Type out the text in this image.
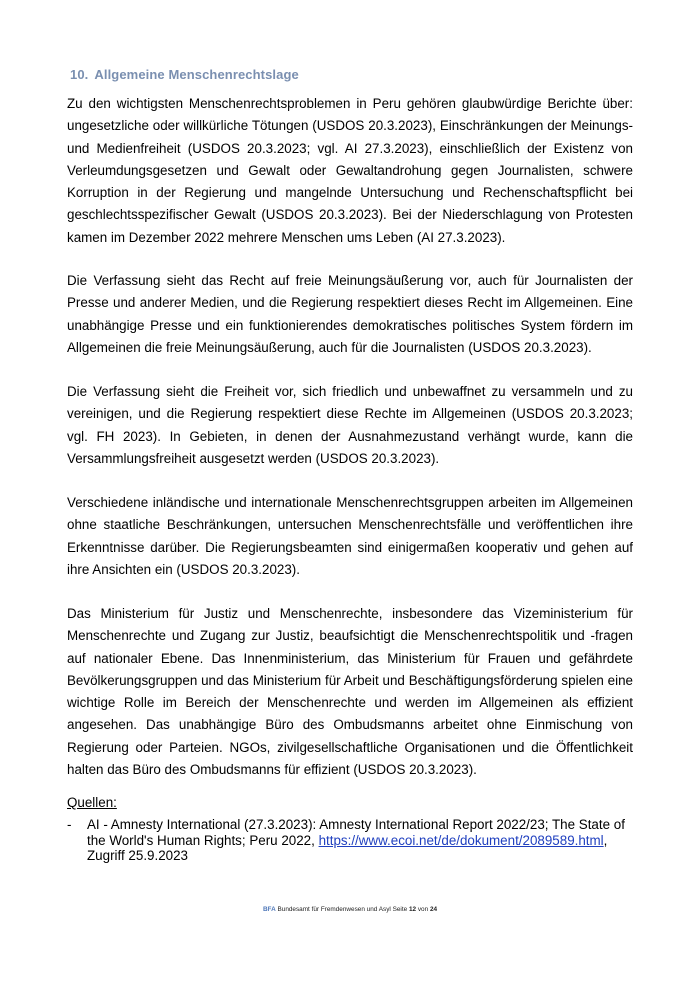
10. Allgemeine Menschenrechtslage

Zu den wichtigsten Menschenrechtsproblemen in Peru gehören glaubwürdige Berichte über: ungesetzliche oder willkürliche Tötungen (USDOS 20.3.2023), Einschränkungen der Meinungs- und Medienfreiheit (USDOS 20.3.2023; vgl. AI 27.3.2023), einschließlich der Existenz von Verleumdungsgesetzen und Gewalt oder Gewaltandrohung gegen Journalisten, schwere Korruption in der Regierung und mangelnde Untersuchung und Rechenschaftspflicht bei geschlechtsspezifischer Gewalt (USDOS 20.3.2023). Bei der Niederschlagung von Protesten kamen im Dezember 2022 mehrere Menschen ums Leben (AI 27.3.2023).

Die Verfassung sieht das Recht auf freie Meinungsäußerung vor, auch für Journalisten der Presse und anderer Medien, und die Regierung respektiert dieses Recht im Allgemeinen. Eine unabhängige Presse und ein funktionierendes demokratisches politisches System fördern im Allgemeinen die freie Meinungsäußerung, auch für die Journalisten (USDOS 20.3.2023).

Die Verfassung sieht die Freiheit vor, sich friedlich und unbewaffnet zu versammeln und zu vereinigen, und die Regierung respektiert diese Rechte im Allgemeinen (USDOS 20.3.2023; vgl. FH 2023). In Gebieten, in denen der Ausnahmezustand verhängt wurde, kann die Versammlungsfreiheit ausgesetzt werden (USDOS 20.3.2023).

Verschiedene inländische und internationale Menschenrechtsgruppen arbeiten im Allgemeinen ohne staatliche Beschränkungen, untersuchen Menschenrechtsfälle und veröffentlichen ihre Erkenntnisse darüber. Die Regierungsbeamten sind einigermaßen kooperativ und gehen auf ihre Ansichten ein (USDOS 20.3.2023).

Das Ministerium für Justiz und Menschenrechte, insbesondere das Vizeministerium für Menschenrechte und Zugang zur Justiz, beaufsichtigt die Menschenrechtspolitik und -fragen auf nationaler Ebene. Das Innenministerium, das Ministerium für Frauen und gefährdete Bevölkerungsgruppen und das Ministerium für Arbeit und Beschäftigungsförderung spielen eine wichtige Rolle im Bereich der Menschenrechte und werden im Allgemeinen als effizient angesehen. Das unabhängige Büro des Ombudsmanns arbeitet ohne Einmischung von Regierung oder Parteien. NGOs, zivilgesellschaftliche Organisationen und die Öffentlichkeit halten das Büro des Ombudsmanns für effizient (USDOS 20.3.2023).

Quellen:
- AI - Amnesty International (27.3.2023): Amnesty International Report 2022/23; The State of the World's Human Rights; Peru 2022, https://www.ecoi.net/de/dokument/2089589.html, Zugriff 25.9.2023
BFA Bundesamt für Fremdenwesen und Asyl Seite 12 von 24
